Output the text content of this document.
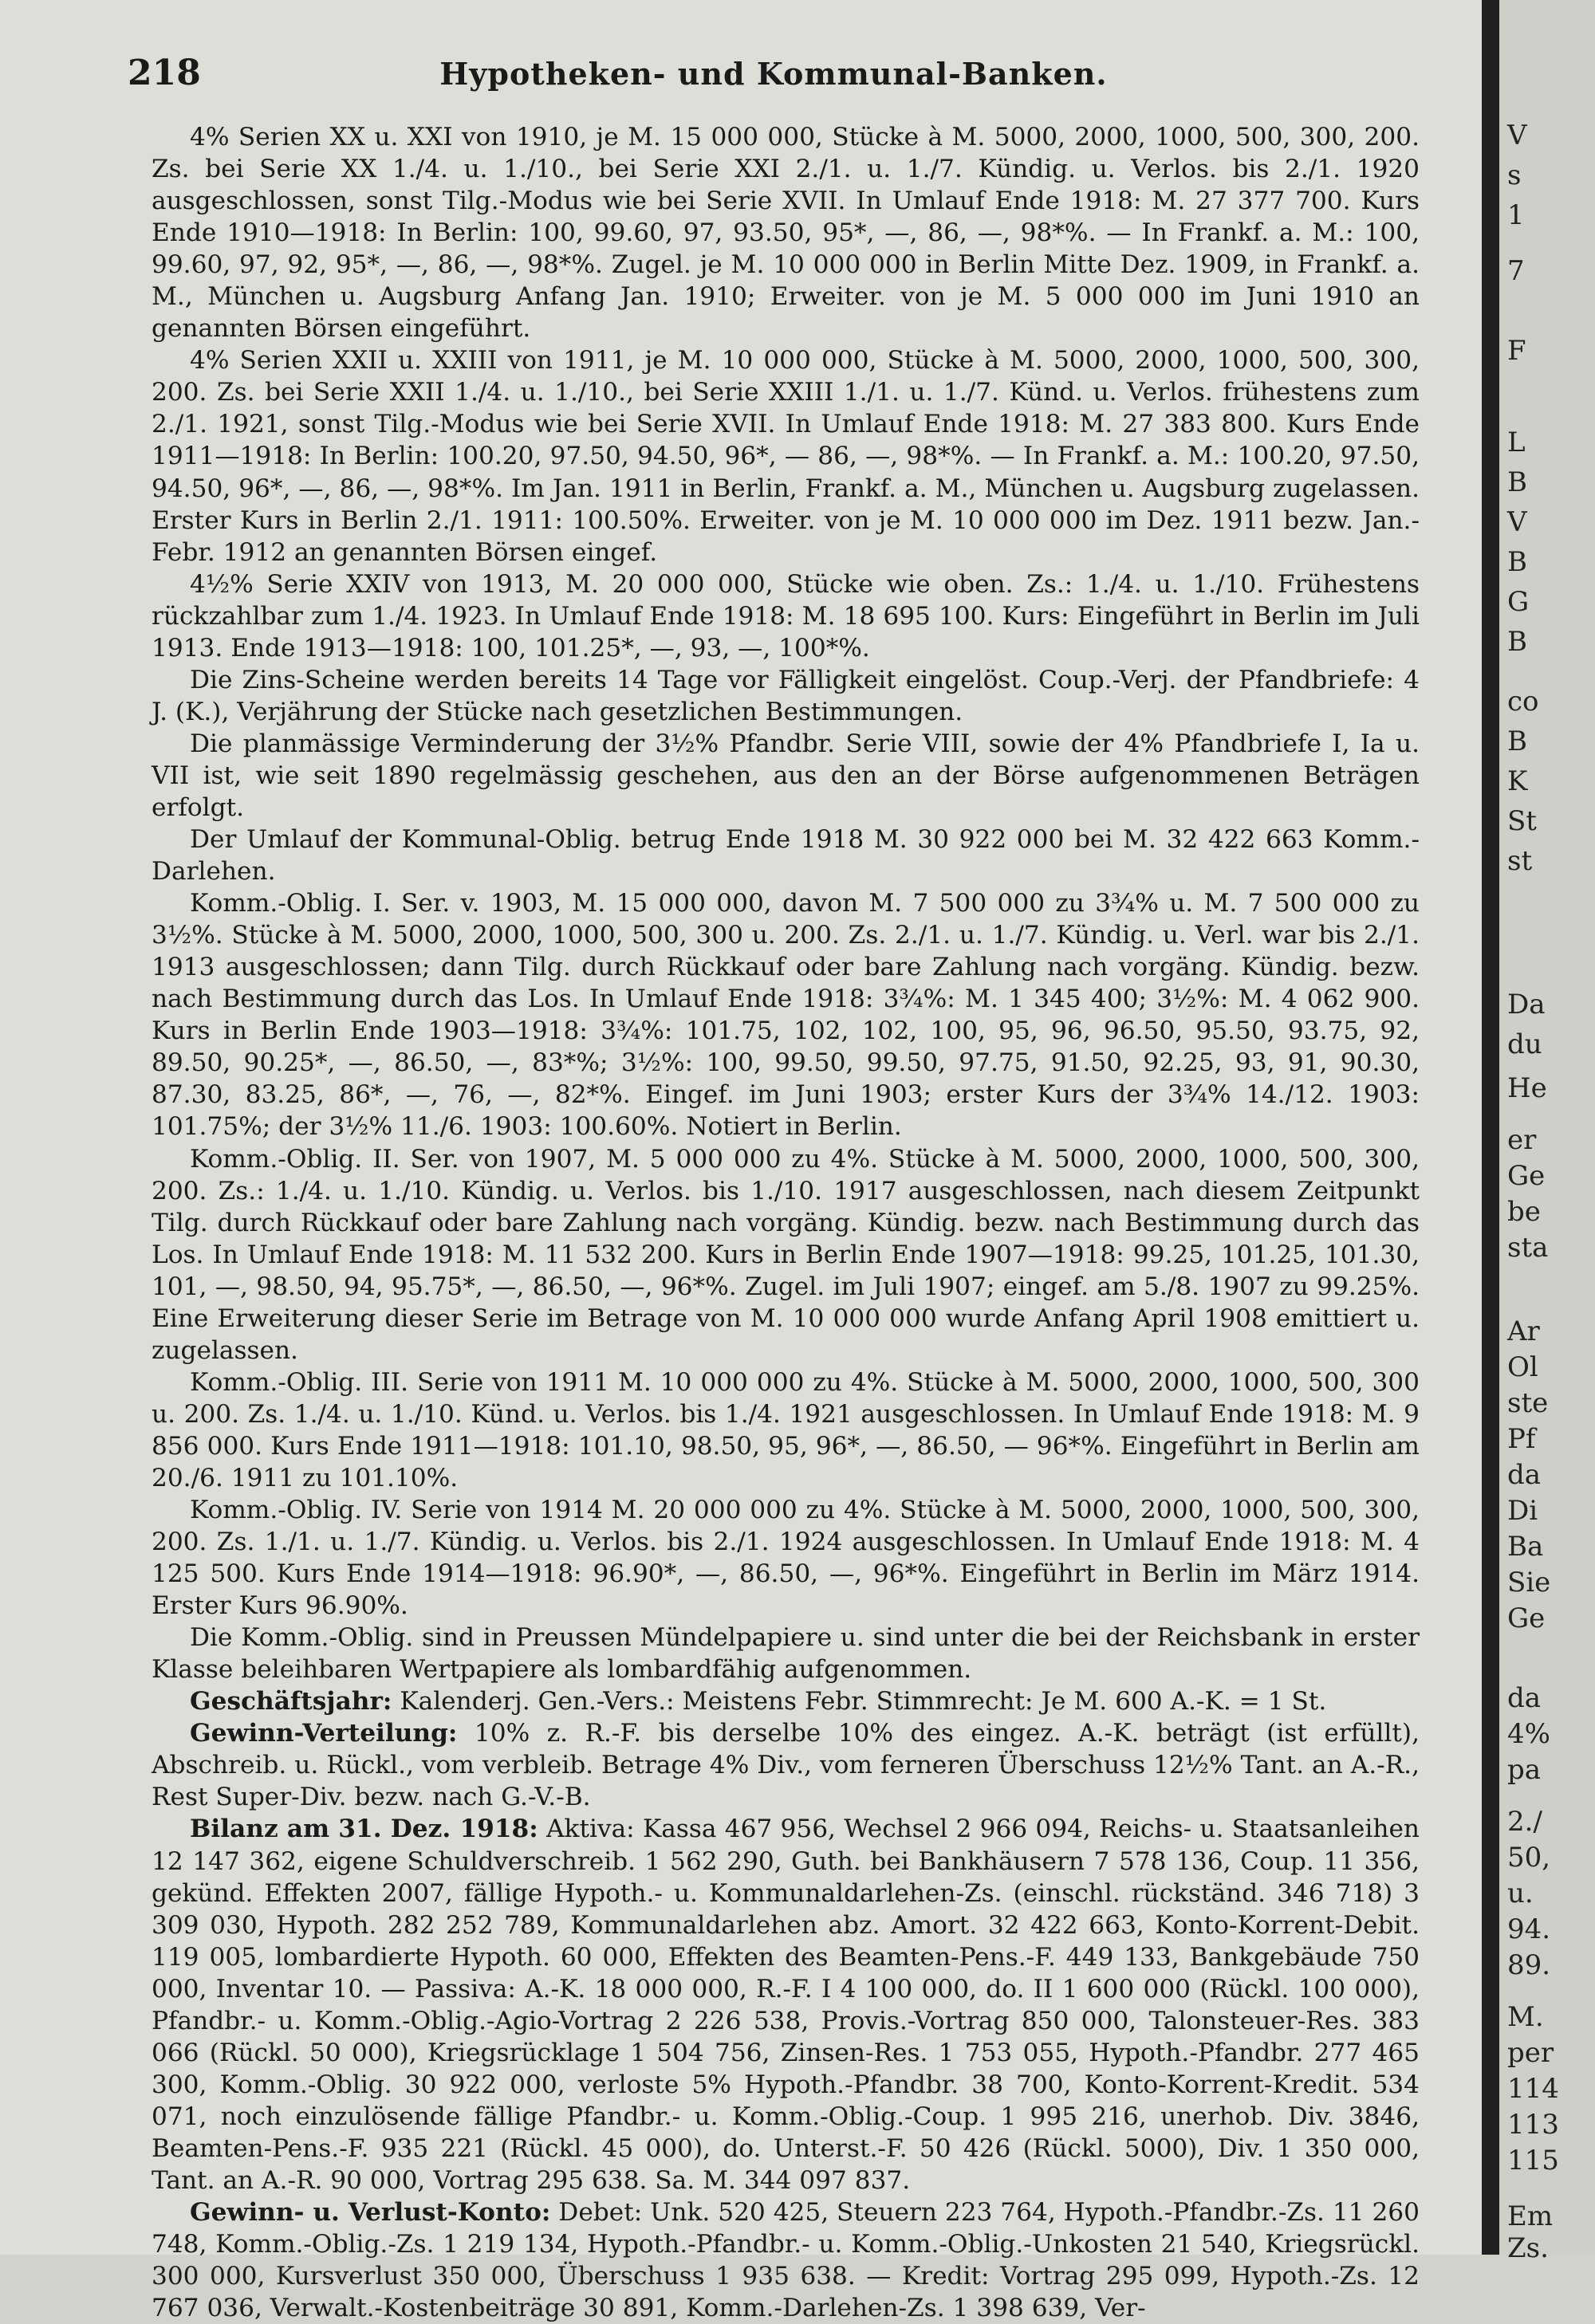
218	Hypotheken- und Kommunal-Banken.

4% Serien XX u. XXI von 1910, je M. 15 000 000, Stücke à M. 5000, 2000, 1000, 500, 300, 200. Zs. bei Serie XX 1./4. u. 1./10., bei Serie XXI 2./1. u. 1./7. Kündig. u. Verlos. bis 2./1. 1920 ausgeschlossen, sonst Tilg.-Modus wie bei Serie XVII. In Umlauf Ende 1918: M. 27 377 700. Kurs Ende 1910—1918: In Berlin: 100, 99.60, 97, 93.50, 95*, —, 86, —, 98*%. — In Frankf. a. M.: 100, 99.60, 97, 92, 95*, —, 86, —, 98*%. Zugel. je M. 10 000 000 in Berlin Mitte Dez. 1909, in Frankf. a. M., München u. Augsburg Anfang Jan. 1910; Erweiter. von je M. 5 000 000 im Juni 1910 an genannten Börsen eingeführt.

4% Serien XXII u. XXIII von 1911, je M. 10 000 000, Stücke à M. 5000, 2000, 1000, 500, 300, 200. Zs. bei Serie XXII 1./4. u. 1./10., bei Serie XXIII 1./1. u. 1./7. Künd. u. Verlos. frühestens zum 2./1. 1921, sonst Tilg.-Modus wie bei Serie XVII. In Umlauf Ende 1918: M. 27 383 800. Kurs Ende 1911—1918: In Berlin: 100.20, 97.50, 94.50, 96*, — 86, —, 98*%. — In Frankf. a. M.: 100.20, 97.50, 94.50, 96*, —, 86, —, 98*%. Im Jan. 1911 in Berlin, Frankf. a. M., München u. Augsburg zugelassen. Erster Kurs in Berlin 2./1. 1911: 100.50%. Erweiter. von je M. 10 000 000 im Dez. 1911 bezw. Jan.-Febr. 1912 an genannten Börsen eingef.

4½% Serie XXIV von 1913, M. 20 000 000, Stücke wie oben. Zs.: 1./4. u. 1./10. Frühestens rückzahlbar zum 1./4. 1923. In Umlauf Ende 1918: M. 18 695 100. Kurs: Eingeführt in Berlin im Juli 1913. Ende 1913—1918: 100, 101.25*, —, 93, —, 100*%.

Die Zins-Scheine werden bereits 14 Tage vor Fälligkeit eingelöst. Coup.-Verj. der Pfandbriefe: 4 J. (K.), Verjährung der Stücke nach gesetzlichen Bestimmungen.

Die planmässige Verminderung der 3½% Pfandbr. Serie VIII, sowie der 4% Pfandbriefe I, Ia u. VII ist, wie seit 1890 regelmässig geschehen, aus den an der Börse aufgenommenen Beträgen erfolgt.

Der Umlauf der Kommunal-Oblig. betrug Ende 1918 M. 30 922 000 bei M. 32 422 663 Komm.-Darlehen.

Komm.-Oblig. I. Ser. v. 1903, M. 15 000 000, davon M. 7 500 000 zu 3¾% u. M. 7 500 000 zu 3½%. Stücke à M. 5000, 2000, 1000, 500, 300 u. 200. Zs. 2./1. u. 1./7. Kündig. u. Verl. war bis 2./1. 1913 ausgeschlossen; dann Tilg. durch Rückkauf oder bare Zahlung nach vorgäng. Kündig. bezw. nach Bestimmung durch das Los. In Umlauf Ende 1918: 3¾%: M. 1 345 400; 3½%: M. 4 062 900. Kurs in Berlin Ende 1903—1918: 3¾%: 101.75, 102, 102, 100, 95, 96, 96.50, 95.50, 93.75, 92, 89.50, 90.25*, —, 86.50, —, 83*%; 3½%: 100, 99.50, 99.50, 97.75, 91.50, 92.25, 93, 91, 90.30, 87.30, 83.25, 86*, —, 76, —, 82*%. Eingef. im Juni 1903; erster Kurs der 3¾% 14./12. 1903: 101.75%; der 3½% 11./6. 1903: 100.60%. Notiert in Berlin.

Komm.-Oblig. II. Ser. von 1907, M. 5 000 000 zu 4%. Stücke à M. 5000, 2000, 1000, 500, 300, 200. Zs.: 1./4. u. 1./10. Kündig. u. Verlos. bis 1./10. 1917 ausgeschlossen, nach diesem Zeitpunkt Tilg. durch Rückkauf oder bare Zahlung nach vorgäng. Kündig. bezw. nach Bestimmung durch das Los. In Umlauf Ende 1918: M. 11 532 200. Kurs in Berlin Ende 1907—1918: 99.25, 101.25, 101.30, 101, —, 98.50, 94, 95.75*, —, 86.50, —, 96*%. Zugel. im Juli 1907; eingef. am 5./8. 1907 zu 99.25%. Eine Erweiterung dieser Serie im Betrage von M. 10 000 000 wurde Anfang April 1908 emittiert u. zugelassen.

Komm.-Oblig. III. Serie von 1911 M. 10 000 000 zu 4%. Stücke à M. 5000, 2000, 1000, 500, 300 u. 200. Zs. 1./4. u. 1./10. Künd. u. Verlos. bis 1./4. 1921 ausgeschlossen. In Umlauf Ende 1918: M. 9 856 000. Kurs Ende 1911—1918: 101.10, 98.50, 95, 96*, —, 86.50, — 96*%. Eingeführt in Berlin am 20./6. 1911 zu 101.10%.

Komm.-Oblig. IV. Serie von 1914 M. 20 000 000 zu 4%. Stücke à M. 5000, 2000, 1000, 500, 300, 200. Zs. 1./1. u. 1./7. Kündig. u. Verlos. bis 2./1. 1924 ausgeschlossen. In Umlauf Ende 1918: M. 4 125 500. Kurs Ende 1914—1918: 96.90*, —, 86.50, —, 96*%. Eingeführt in Berlin im März 1914. Erster Kurs 96.90%.

Die Komm.-Oblig. sind in Preussen Mündelpapiere u. sind unter die bei der Reichsbank in erster Klasse beleihbaren Wertpapiere als lombardfähig aufgenommen.

Geschäftsjahr: Kalenderj. Gen.-Vers.: Meistens Febr. Stimmrecht: Je M. 600 A.-K. = 1 St.

Gewinn-Verteilung: 10% z. R.-F. bis derselbe 10% des eingez. A.-K. beträgt (ist erfüllt), Abschreib. u. Rückl., vom verbleib. Betrage 4% Div., vom ferneren Überschuss 12½% Tant. an A.-R., Rest Super-Div. bezw. nach G.-V.-B.

Bilanz am 31. Dez. 1918: Aktiva: Kassa 467 956, Wechsel 2 966 094, Reichs- u. Staatsanleihen 12 147 362, eigene Schuldverschreib. 1 562 290, Guth. bei Bankhäusern 7 578 136, Coup. 11 356, gekünd. Effekten 2007, fällige Hypoth.- u. Kommunaldarlehen-Zs. (einschl. rückständ. 346 718) 3 309 030, Hypoth. 282 252 789, Kommunaldarlehen abz. Amort. 32 422 663, Konto-Korrent-Debit. 119 005, lombardierte Hypoth. 60 000, Effekten des Beamten-Pens.-F. 449 133, Bankgebäude 750 000, Inventar 10. — Passiva: A.-K. 18 000 000, R.-F. I 4 100 000, do. II 1 600 000 (Rückl. 100 000), Pfandbr.- u. Komm.-Oblig.-Agio-Vortrag 2 226 538, Provis.-Vortrag 850 000, Talonsteuer-Res. 383 066 (Rückl. 50 000), Kriegsrücklage 1 504 756, Zinsen-Res. 1 753 055, Hypoth.-Pfandbr. 277 465 300, Komm.-Oblig. 30 922 000, verloste 5% Hypoth.-Pfandbr. 38 700, Konto-Korrent-Kredit. 534 071, noch einzulösende fällige Pfandbr.- u. Komm.-Oblig.-Coup. 1 995 216, unerhob. Div. 3846, Beamten-Pens.-F. 935 221 (Rückl. 45 000), do. Unterst.-F. 50 426 (Rückl. 5000), Div. 1 350 000, Tant. an A.-R. 90 000, Vortrag 295 638. Sa. M. 344 097 837.

Gewinn- u. Verlust-Konto: Debet: Unk. 520 425, Steuern 223 764, Hypoth.-Pfandbr.-Zs. 11 260 748, Komm.-Oblig.-Zs. 1 219 134, Hypoth.-Pfandbr.- u. Komm.-Oblig.-Unkosten 21 540, Kriegsrückl. 300 000, Kursverlust 350 000, Überschuss 1 935 638. — Kredit: Vortrag 295 099, Hypoth.-Zs. 12 767 036, Verwalt.-Kostenbeiträge 30 891, Komm.-Darlehen-Zs. 1 398 639, Ver-

V
s
1
7
F
L
B
V
B
G
B
co
B
K
St
st
Da
du
He
er
Ge
be
sta
Ar
Ol
ste
Pf
da
Di
Ba
Sie
Ge
da
4%
pa
2./
50,
u.
94.
89.
M.
per
114
113
115
Em
Zs.
